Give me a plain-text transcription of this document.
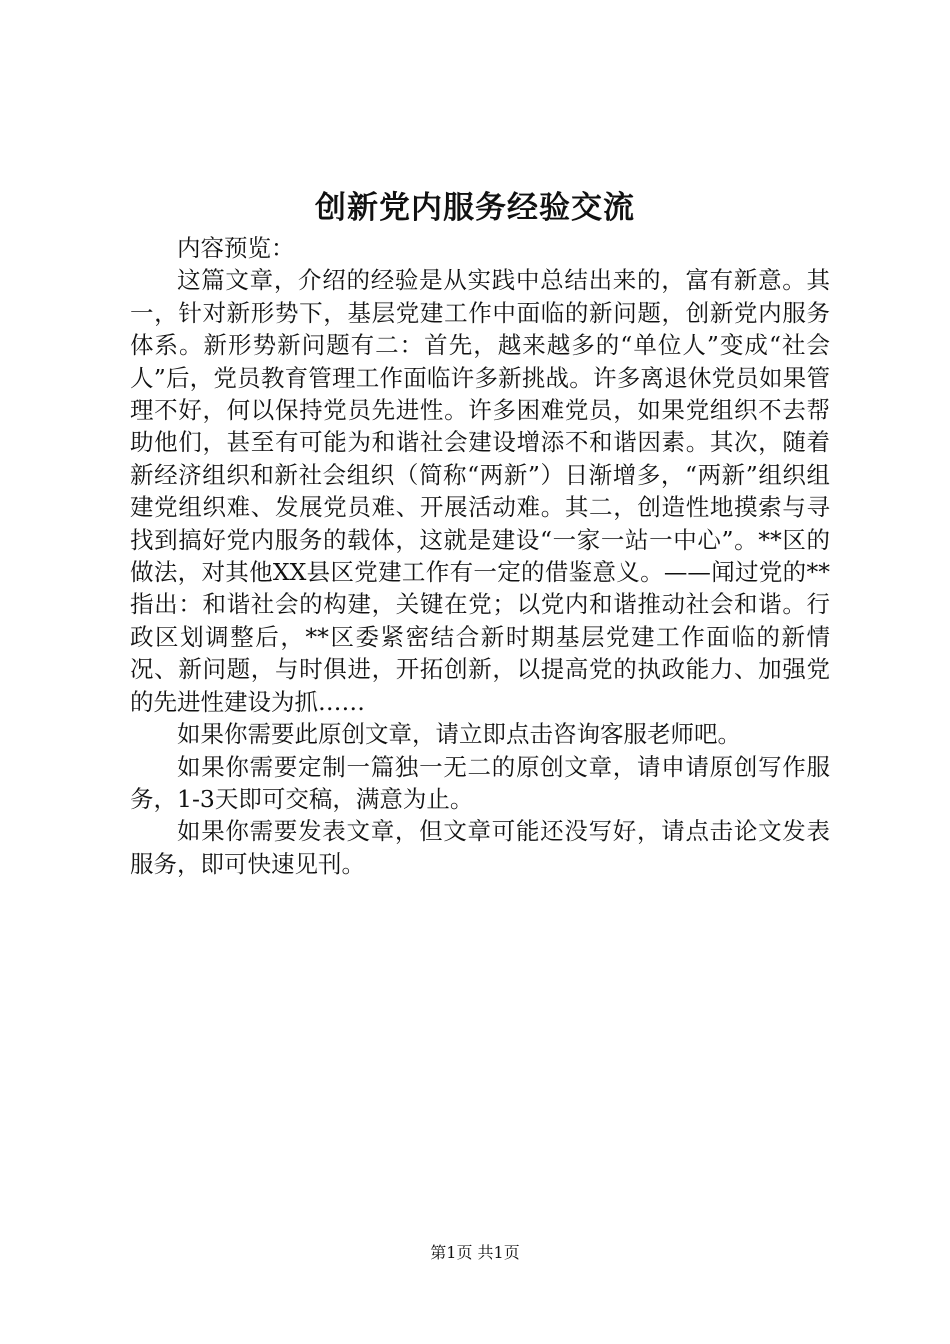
创新党内服务经验交流

内容预览：

这篇文章，介绍的经验是从实践中总结出来的，富有新意。其一，针对新形势下，基层党建工作中面临的新问题，创新党内服务体系。新形势新问题有二：首先，越来越多的“单位人”变成“社会人”后，党员教育管理工作面临许多新挑战。许多离退休党员如果管理不好，何以保持党员先进性。许多困难党员，如果党组织不去帮助他们，甚至有可能为和谐社会建设增添不和谐因素。其次，随着新经济组织和新社会组织（简称“两新”）日渐增多，“两新”组织组建党组织难、发展党员难、开展活动难。其二，创造性地摸索与寻找到搞好党内服务的载体，这就是建设“一家一站一中心”。**区的做法，对其他XX县区党建工作有一定的借鉴意义。——闻过党的**指出：和谐社会的构建，关键在党；以党内和谐推动社会和谐。行政区划调整后，**区委紧密结合新时期基层党建工作面临的新情况、新问题，与时俱进，开拓创新，以提高党的执政能力、加强党的先进性建设为抓……

如果你需要此原创文章，请立即点击咨询客服老师吧。

如果你需要定制一篇独一无二的原创文章，请申请原创写作服务，1-3天即可交稿，满意为止。

如果你需要发表文章，但文章可能还没写好，请点击论文发表服务，即可快速见刊。

第1页 共1页
